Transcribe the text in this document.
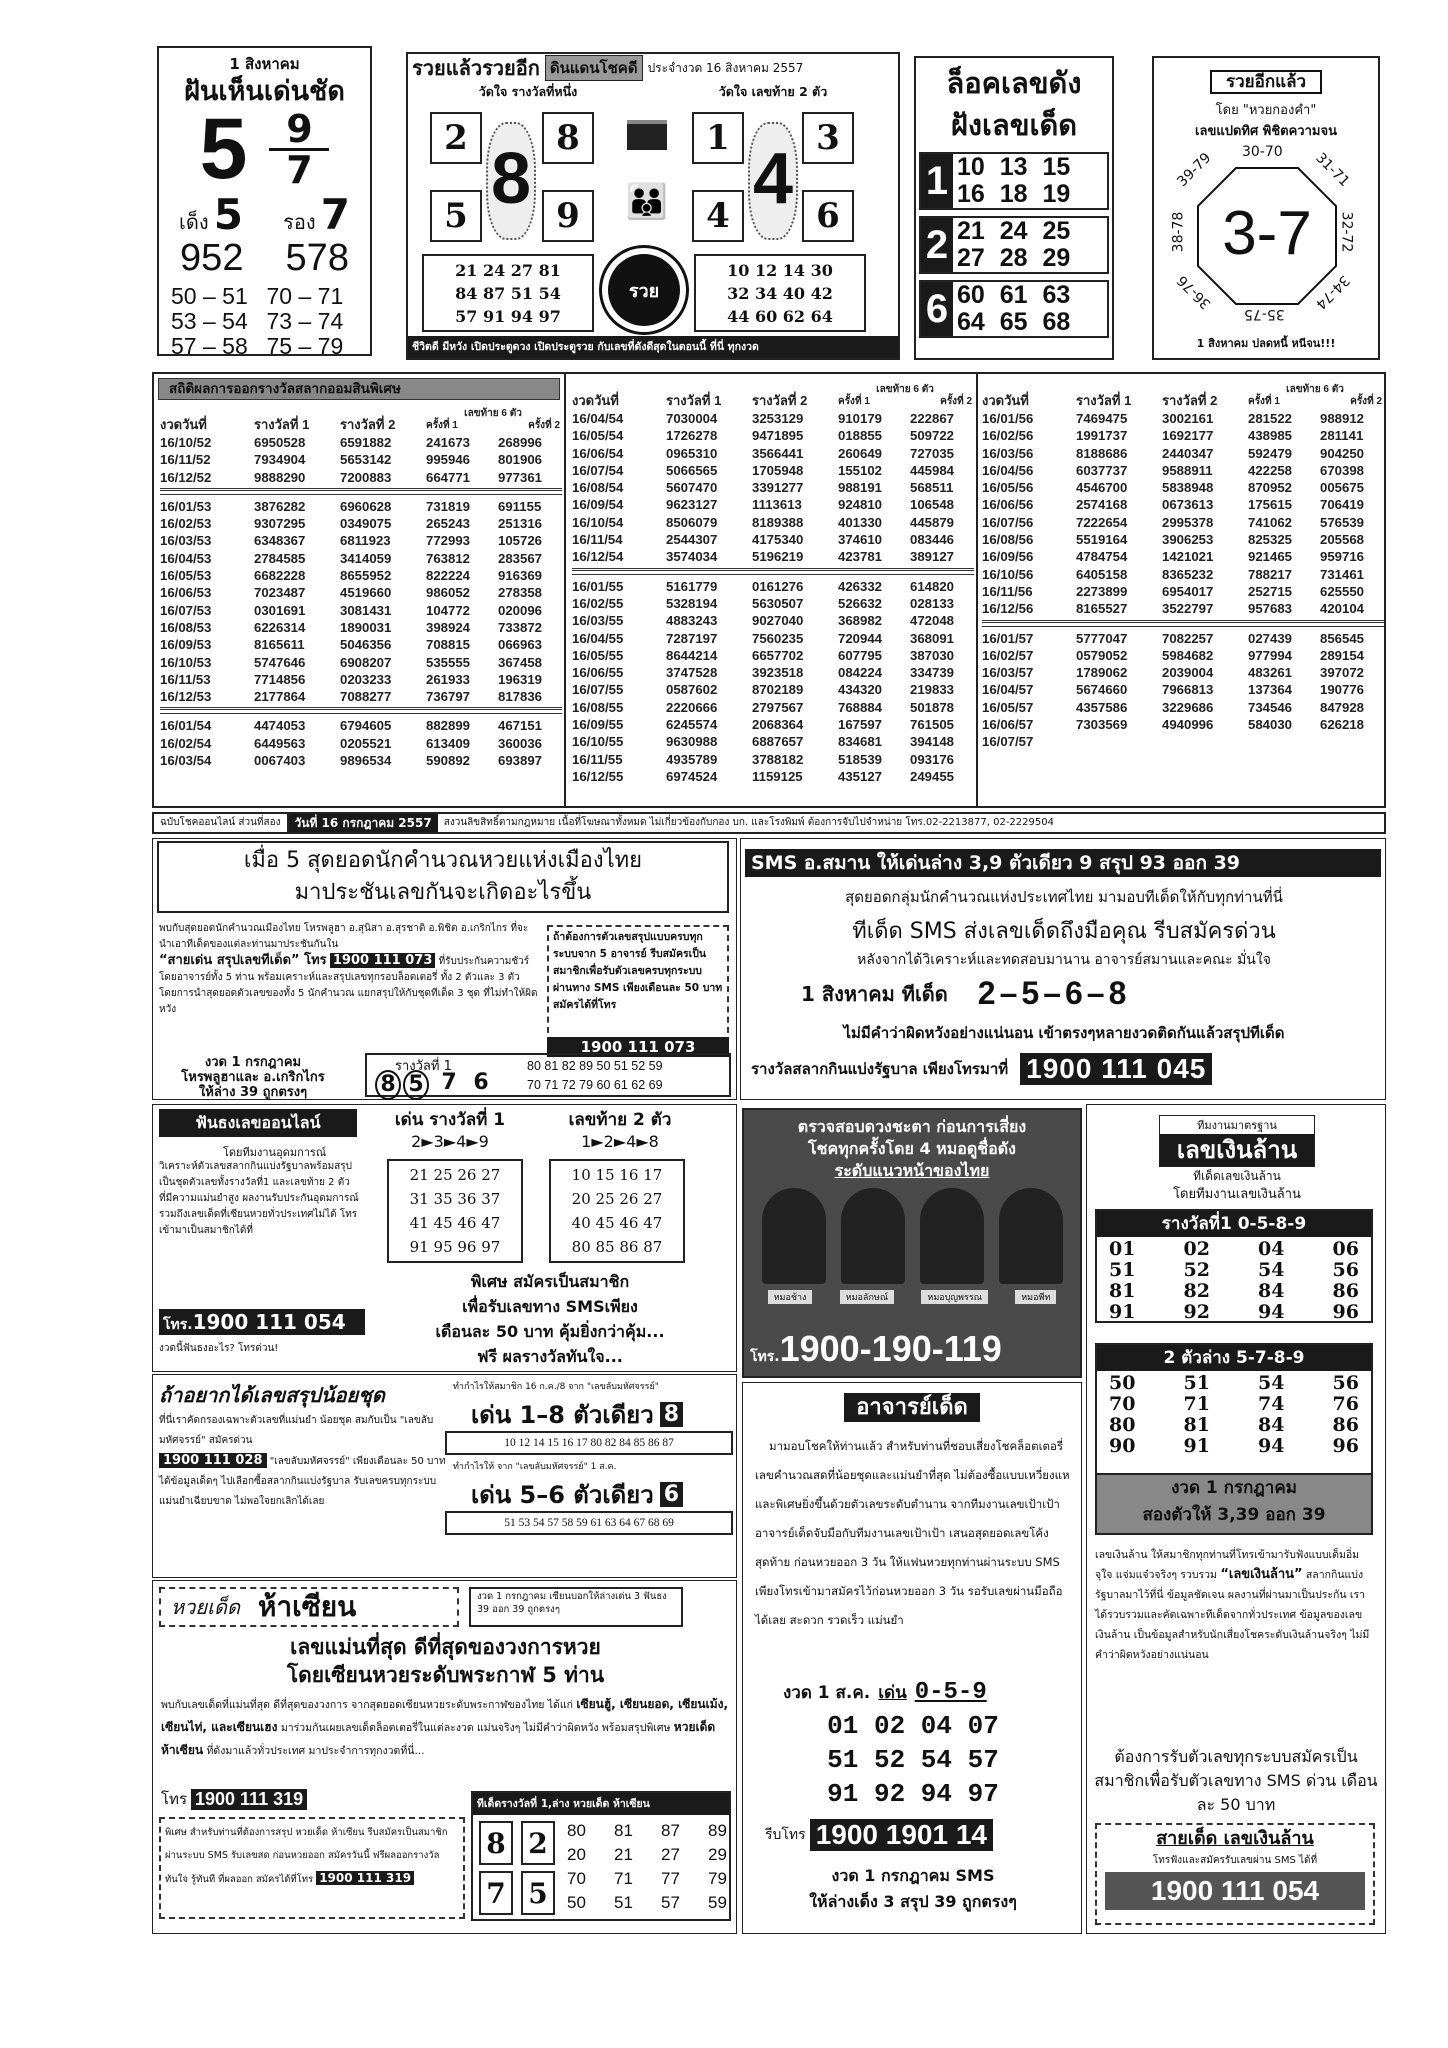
1 สิงหาคม
ฝันเห็นเด่นชัด
5 9
7
เด็ง 5 รอง 7
952 578
50 – 51 70 – 71
53 – 54 73 – 74
57 – 58 75 – 79
รวยแล้วรวยอีก ดินแดนโชคดี ประจำงวด 16 สิงหาคม 2557
วัดใจ รางวัลที่หนึ่ง	วัดใจ เลขท้าย 2 ตัว
2	8
5	9
8
1	3
4	6
4
👪
21 24 27 81
84 87 51 54
57 91 94 97
รวย
10 12 14 30
32 34 40 42
44 60 62 64
ชีวิตดี มีหวัง เปิดประตูดวง เปิดประตูรวย กับเลขที่ดังดีสุดในตอนนี้ ที่นี่ ทุกงวด
ล็อคเลขดัง
ฝังเลขเด็ด
1 10 13 15
16 18 19
2 21 24 25
27 28 29
6 60 61 63
64 65 68
รวยอีกแล้ว
โดย "หวยกองคำ"
เลขแปดทิศ พิชิตความจน
3-7
30-70 31-71
32-72
34-74
35-75
36-76
38-78
39-79
1 สิงหาคม ปลดหนี้ หนีจน!!!
สถิติผลการออกรางวัลสลากออมสินพิเศษ
งวดวันที่	รางวัลที่ 1	รางวัลที่ 2
เลขท้าย 6 ตัว
ครั้งที่ 1	ครั้งที่ 2
16/10/52	6950528	6591882	241673	268996
16/11/52	7934904	5653142	995946	801906
16/12/52	9888290	7200883	664771	977361
16/01/53	3876282	6960628	731819	691155
16/02/53	9307295	0349075	265243	251316
16/03/53	6348367	6811923	772993	105726
16/04/53	2784585	3414059	763812	283567
16/05/53	6682228	8655952	822224	916369
16/06/53	7023487	4519660	986052	278358
16/07/53	0301691	3081431	104772	020096
16/08/53	6226314	1890031	398924	733872
16/09/53	8165611	5046356	708815	066963
16/10/53	5747646	6908207	535555	367458
16/11/53	7714856	0203233	261933	196319
16/12/53	2177864	7088277	736797	817836
16/01/54	4474053	6794605	882899	467151
16/02/54	6449563	0205521	613409	360036
16/03/54	0067403	9896534	590892	693897
งวดวันที่	รางวัลที่ 1	รางวัลที่ 2
เลขท้าย 6 ตัว
ครั้งที่ 1	ครั้งที่ 2
16/04/54	7030004	3253129	910179	222867
16/05/54	1726278	9471895	018855	509722
16/06/54	0965310	3566441	260649	727035
16/07/54	5066565	1705948	155102	445984
16/08/54	5607470	3391277	988191	568511
16/09/54	9623127	1113613	924810	106548
16/10/54	8506079	8189388	401330	445879
16/11/54	2544307	4175340	374610	083446
16/12/54	3574034	5196219	423781	389127
16/01/55	5161779	0161276	426332	614820
16/02/55	5328194	5630507	526632	028133
16/03/55	4883243	9027040	368982	472048
16/04/55	7287197	7560235	720944	368091
16/05/55	8644214	6657702	607795	387030
16/06/55	3747528	3923518	084224	334739
16/07/55	0587602	8702189	434320	219833
16/08/55	2220666	2797567	768884	501878
16/09/55	6245574	2068364	167597	761505
16/10/55	9630988	6887657	834681	394148
16/11/55	4935789	3788182	518539	093176
16/12/55	6974524	1159125	435127	249455
งวดวันที่	รางวัลที่ 1	รางวัลที่ 2
เลขท้าย 6 ตัว
ครั้งที่ 1	ครั้งที่ 2
16/01/56	7469475	3002161	281522	988912
16/02/56	1991737	1692177	438985	281141
16/03/56	8188686	2440347	592479	904250
16/04/56	6037737	9588911	422258	670398
16/05/56	4546700	5838948	870952	005675
16/06/56	2574168	0673613	175615	706419
16/07/56	7222654	2995378	741062	576539
16/08/56	5519164	3906253	825325	205568
16/09/56	4784754	1421021	921465	959716
16/10/56	6405158	8365232	788217	731461
16/11/56	2273899	6954017	252715	625550
16/12/56	8165527	3522797	957683	420104
16/01/57	5777047	7082257	027439	856545
16/02/57	0579052	5984682	977994	289154
16/03/57	1789062	2039004	483261	397072
16/04/57	5674660	7966813	137364	190776
16/05/57	4357586	3229686	734546	847928
16/06/57	7303569	4940996	584030	626218
16/07/57
ฉบับโชคออนไลน์ ส่วนที่สอง	วันที่ 16 กรกฎาคม 2557	สงวนลิขสิทธิ์ตามกฎหมาย เนื้อที่โฆษณาทั้งหมด ไม่เกี่ยวข้องกับกอง บก. และโรงพิมพ์ ต้องการจับไปจำหน่าย โทร.02-2213877, 02-2229504
เมื่อ 5 สุดยอดนักคำนวณหวยแห่งเมืองไทย
มาประชันเลขกันจะเกิดอะไรขึ้น
พบกับสุดยอดนักคำนวณเมืองไทย โหรพลูฮา อ.สุนิสา อ.สุรชาติ อ.พิชิต อ.เกริกไกร ที่จะนำเอาทีเด็ดของแต่ละท่านมาประชันกันใน
“สายเด่น สรุปเลขทีเด็ด” โทร 1900 111 073 ที่รับประกันความชัวร์โดยอาจารย์ทั้ง 5 ท่าน พร้อมเคราะห์และสรุปเลขทุกรอบล็อตเตอรี่ ทั้ง 2 ตัวและ 3 ตัว โดยการนำสุดยอดตัวเลขของทั้ง 5 นักคำนวณ แยกสรุปให้กับชุดทีเด็ด 3 ชุด ที่ไม่ทำให้ผิดหวัง
ถ้าต้องการตัวเลขสรุปแบบครบทุกระบบจาก 5 อาจารย์ รีบสมัครเป็นสมาชิกเพื่อรับตัวเลขครบทุกระบบ ผ่านทาง SMS เพียงเดือนละ 50 บาท สมัครได้ที่โทร
1900 111 073
งวด 1 กรกฎาคม
โหรพลูฮาและ อ.เกริกไกร
ให้ล่าง 39 ถูกตรงๆ
รางวัลที่ 1
8 5 7 6
80 81 82 89 50 51 52 59
70 71 72 79 60 61 62 69
SMS อ.สมาน ให้เด่นล่าง 3,9 ตัวเดียว 9 สรุป 93 ออก 39
สุดยอดกลุ่มนักคำนวณแห่งประเทศไทย มามอบทีเด็ดให้กับทุกท่านที่นี่
ทีเด็ด SMS ส่งเลขเด็ดถึงมือคุณ รีบสมัครด่วน
หลังจากได้วิเคราะห์และทดสอบมานาน อาจารย์สมานและคณะ มั่นใจ
1 สิงหาคม ทีเด็ด 2–5–6–8
ไม่มีคำว่าผิดหวังอย่างแน่นอน เข้าตรงๆหลายงวดติดกันแล้วสรุปทีเด็ด
รางวัลสลากกินแบ่งรัฐบาล เพียงโทรมาที่ 1900 111 045
ฟันธงเลขออนไลน์
โดยทีมงานอุดมการณ์
วิเคราะห์ตัวเลขสลากกินแบ่งรัฐบาลพร้อมสรุปเป็นชุดตัวเลขทั้งรางวัลที่1 และเลขท้าย 2 ตัว ที่มีความแม่นยำสูง ผลงานรับประกันอุดมการณ์ รวมถึงเลขเด็ดที่เซียนหวยทั่วประเทศไม่ได้ โทรเข้ามาเป็นสมาชิกได้ที่
โทร.1900 111 054
งวดนี้ฟันธงอะไร? โทรด่วน!
เด่น รางวัลที่ 1
2►3►4►9
21 25 26 27
31 35 36 37
41 45 46 47
91 95 96 97
เลขท้าย 2 ตัว
1►2►4►8
10 15 16 17
20 25 26 27
40 45 46 47
80 85 86 87
พิเศษ สมัครเป็นสมาชิก
เพื่อรับเลขทาง SMSเพียง
เดือนละ 50 บาท คุ้มยิ่งกว่าคุ้ม...
ฟรี ผลรางวัลทันใจ...
ตรวจสอบดวงชะตา ก่อนการเสี่ยง
โชคทุกครั้งโดย 4 หมอดูชื่อดัง
ระดับแนวหน้าของไทย
หมอช้าง	หมอลักษณ์	หมอบุญพรรณ	หมอพีท
โทร. 1900-190-119
ทีมงานมาตรฐาน
เลขเงินล้าน
ทีเด็ดเลขเงินล้าน
โดยทีมงานเลขเงินล้าน
รางวัลที่1 0-5-8-9
01	02	04	06
51	52	54	56
81	82	84	86
91	92	94	96
2 ตัวล่าง 5-7-8-9
50	51	54	56
70	71	74	76
80	81	84	86
90	91	94	96
งวด 1 กรกฎาคม
สองตัวให้ 3,39 ออก 39
เลขเงินล้าน ให้สมาชิกทุกท่านที่โทรเข้ามารับฟังแบบเต็มอิ่ม จุใจ แจ่มแจ๋วจริงๆ รวบรวม “เลขเงินล้าน” สลากกินแบ่งรัฐบาลมาไว้ที่นี่ ข้อมูลชัดเจน ผลงานที่ผ่านมาเป็นประกัน เราได้รวบรวมและคัดเฉพาะทีเด็ดจากทั่วประเทศ ข้อมูลของเลข เงินล้าน เป็นข้อมูลสำหรับนักเสี่ยงโชคระดับเงินล้านจริงๆ ไม่มีคำว่าผิดหวังอย่างแน่นอน
ต้องการรับตัวเลขทุกระบบสมัครเป็นสมาชิกเพื่อรับตัวเลขทาง SMS ด่วน เดือนละ 50 บาท
สายเด็ด เลขเงินล้าน
โทรฟังและสมัครรับเลขผ่าน SMS ได้ที่
1900 111 054
ถ้าอยากได้เลขสรุปน้อยชุด
ที่นี่เราคัดกรองเฉพาะตัวเลขที่แม่นยำ น้อยชุด สมกับเป็น "เลขลับมหัศจรรย์" สมัครด่วน
1900 111 028 "เลขลับมหัศจรรย์" เพียงเดือนละ 50 บาท ได้ข้อมูลเด็ดๆ ไปเลือกซื้อสลากกินแบ่งรัฐบาล รับเลขครบทุกระบบ แม่นยำเฉียบขาด ไม่พอใจยกเลิกได้เลย
ทำกำไรให้สมาชิก 16 ก.ค./8 จาก "เลขลับมหัศจรรย์"
เด่น 1–8 ตัวเดียว 8
10 12 14 15 16 17 80 82 84 85 86 87
ทำกำไรให้ จาก "เลขลับมหัศจรรย์" 1 ส.ค.
เด่น 5–6 ตัวเดียว 6
51 53 54 57 58 59 61 63 64 67 68 69
อาจารย์เด็ด
มามอบโชคให้ท่านแล้ว สำหรับท่านที่ชอบเสี่ยงโชคล็อตเตอรี่ เลขคำนวณสดที่น้อยชุดและแม่นยำที่สุด ไม่ต้องซื้อแบบเหวี่ยงแห และพิเศษยิ่งขึ้นด้วยตัวเลขระดับตำนาน จากทีมงานเลขเป้าเป้า อาจารย์เด็ดจับมือกับทีมงานเลขเป้าเป้า เสนอสุดยอดเลขโค้งสุดท้าย ก่อนหวยออก 3 วัน ให้แฟนหวยทุกท่านผ่านระบบ SMS เพียงโทรเข้ามาสมัครไว้ก่อนหวยออก 3 วัน รอรับเลขผ่านมือถือได้เลย สะดวก รวดเร็ว แม่นยำ
งวด 1 ส.ค. เด่น 0-5-9
01 02 04 07
51 52 54 57
91 92 94 97
รีบโทร 1900 1901 14
งวด 1 กรกฎาคม SMS
ให้ล่างเด็ง 3 สรุป 39 ถูกตรงๆ
หวยเด็ด ห้าเซียน	งวด 1 กรกฎาคม เซียนบอกให้ล่างเด่น 3 ฟันธง 39 ออก 39 ถูกตรงๆ
เลขแม่นที่สุด ดีที่สุดของวงการหวย
โดยเซียนหวยระดับพระกาฬ 5 ท่าน
พบกับเลขเด็ดที่แม่นที่สุด ดีที่สุดของวงการ จากสุดยอดเซียนหวยระดับพระกาฬของไทย ได้แก่ เซียนฮู้, เซียนยอด, เซียนเม้ง, เซียนไท่, และเซียนเฮง มาร่วมกันเผยเลขเด็ดล็อตเตอรี่ในแต่ละงวด แม่นจริงๆ ไม่มีคำว่าผิดหวัง พร้อมสรุปพิเศษ หวยเด็ด ห้าเซียน ที่ดังมาแล้วทั่วประเทศ มาประจำการทุกงวดที่นี่...
โทร 1900 111 319
พิเศษ สำหรับท่านที่ต้องการสรุป หวยเด็ด ห้าเซียน รีบสมัครเป็นสมาชิกผ่านระบบ SMS รับเลขสด ก่อนหวยออก สมัครวันนี้ ฟรีผลออกรางวัลทันใจ รู้ทันที ที่ผลออก สมัครได้ที่โทร 1900 111 319
ทีเด็ดรางวัลที่ 1,ล่าง หวยเด็ด ห้าเซียน
8 2
7 5
80 81 87 89
20 21 27 29
70 71 77 79
50 51 57 59
